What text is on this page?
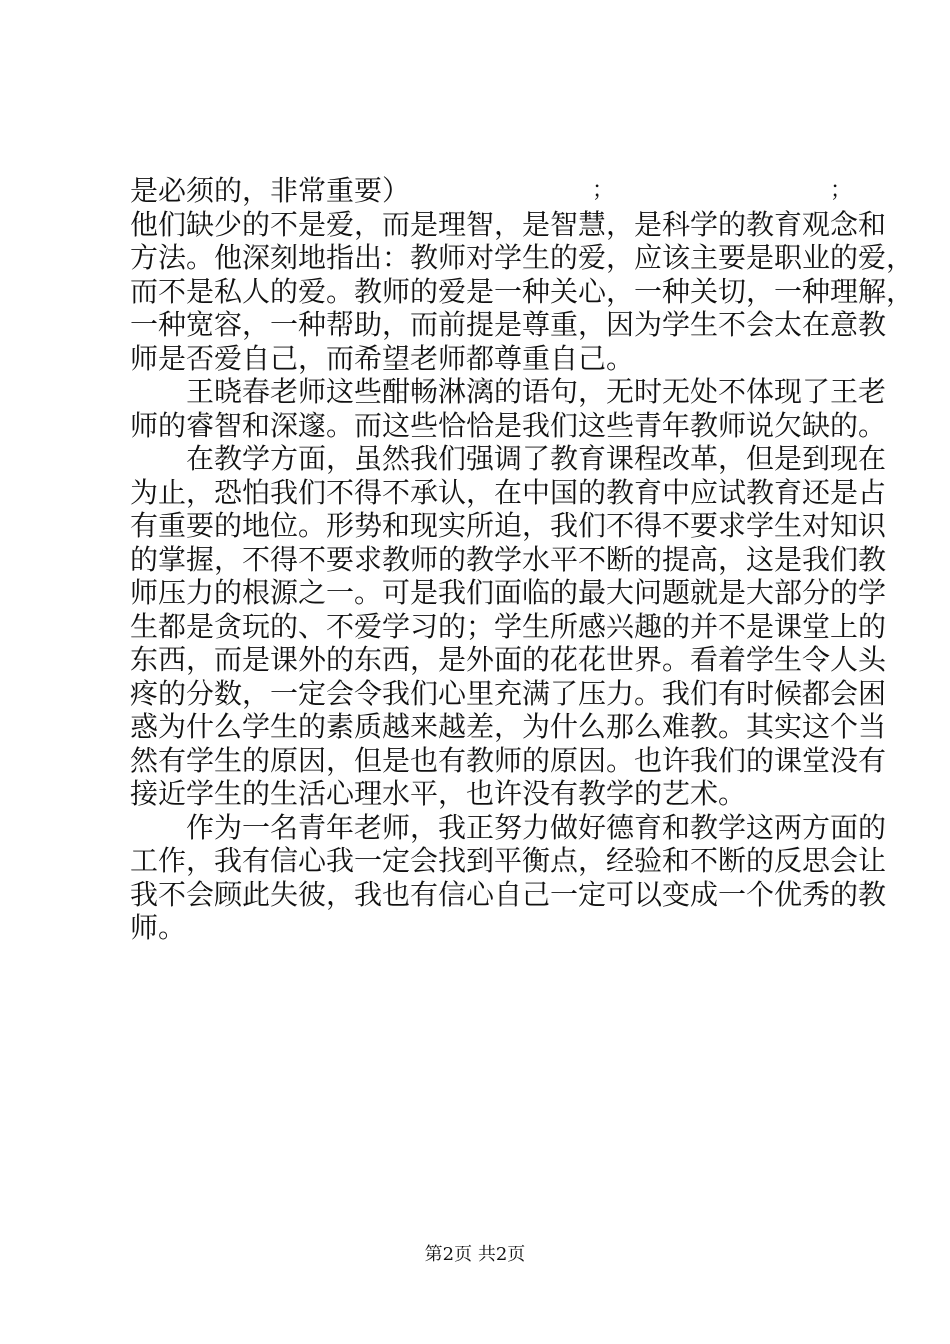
是必须的，非常重要）	；	；
他们缺少的不是爱，而是理智，是智慧，是科学的教育观念和
方法。他深刻地指出：教师对学生的爱，应该主要是职业的爱，
而不是私人的爱。教师的爱是一种关心，一种关切，一种理解，
一种宽容，一种帮助，而前提是尊重，因为学生不会太在意教
师是否爱自己，而希望老师都尊重自己。
王晓春老师这些酣畅淋漓的语句，无时无处不体现了王老
师的睿智和深邃。而这些恰恰是我们这些青年教师说欠缺的。
在教学方面，虽然我们强调了教育课程改革，但是到现在
为止，恐怕我们不得不承认，在中国的教育中应试教育还是占
有重要的地位。形势和现实所迫，我们不得不要求学生对知识
的掌握，不得不要求教师的教学水平不断的提高，这是我们教
师压力的根源之一。可是我们面临的最大问题就是大部分的学
生都是贪玩的、不爱学习的；学生所感兴趣的并不是课堂上的
东西，而是课外的东西，是外面的花花世界。看着学生令人头
疼的分数，一定会令我们心里充满了压力。我们有时候都会困
惑为什么学生的素质越来越差，为什么那么难教。其实这个当
然有学生的原因，但是也有教师的原因。也许我们的课堂没有
接近学生的生活心理水平，也许没有教学的艺术。
作为一名青年老师，我正努力做好德育和教学这两方面的
工作，我有信心我一定会找到平衡点，经验和不断的反思会让
我不会顾此失彼，我也有信心自己一定可以变成一个优秀的教
师。
第2页 共2页
